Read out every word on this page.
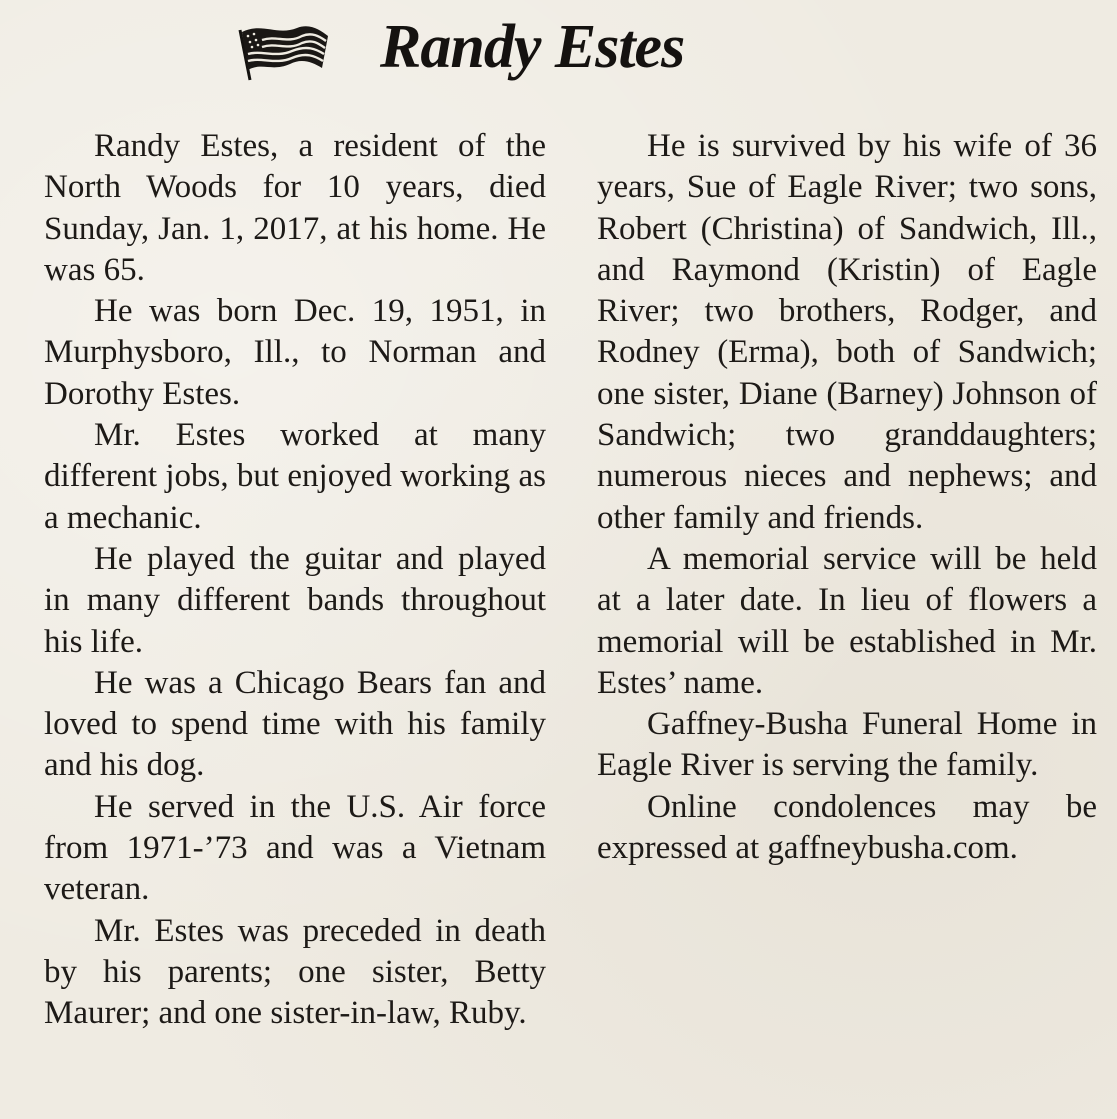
Randy Estes

Randy Estes, a resident of the North Woods for 10 years, died Sunday, Jan. 1, 2017, at his home. He was 65.

He was born Dec. 19, 1951, in Murphysboro, Ill., to Norman and Dorothy Estes.

Mr. Estes worked at many different jobs, but enjoyed working as a mechanic.

He played the guitar and played in many different bands throughout his life.

He was a Chicago Bears fan and loved to spend time with his family and his dog.

He served in the U.S. Air force from 1971-’73 and was a Vietnam veteran.

Mr. Estes was preceded in death by his parents; one sister, Betty Maurer; and one sister-in-law, Ruby.

He is survived by his wife of 36 years, Sue of Eagle River; two sons, Robert (Christina) of Sandwich, Ill., and Raymond (Kristin) of Eagle River; two brothers, Rodger, and Rodney (Erma), both of Sandwich; one sister, Diane (Barney) Johnson of Sandwich; two granddaughters; numerous nieces and nephews; and other family and friends.

A memorial service will be held at a later date. In lieu of flowers a memorial will be established in Mr. Estes’ name.

Gaffney-Busha Funeral Home in Eagle River is serving the family.

Online condolences may be expressed at gaffneybusha.com.
